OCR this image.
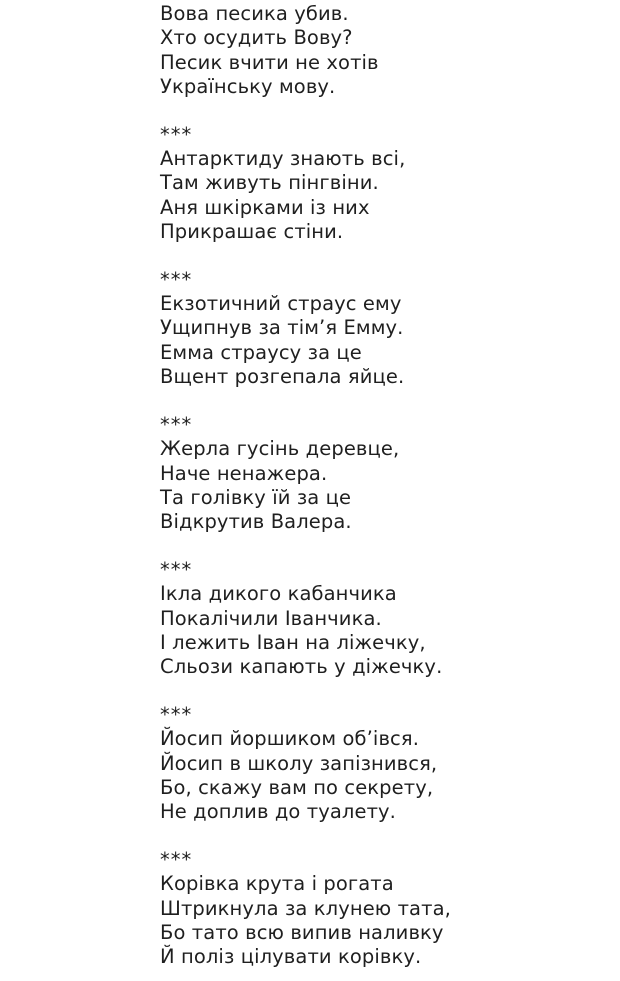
Вова песика убив.
Хто осудить Вову?
Песик вчити не хотів
Українську мову.
***
Антарктиду знають всі,
Там живуть пінгвіни.
Аня шкірками із них
Прикрашає стіни.
***
Екзотичний страус ему
Ущипнув за тім’я Емму.
Емма страусу за це
Вщент розгепала яйце.
***
Жерла гусінь деревце,
Наче ненажера.
Та голівку їй за це
Відкрутив Валера.
***
Ікла дикого кабанчика
Покалічили Іванчика.
І лежить Іван на ліжечку,
Сльози капають у діжечку.
***
Йосип йоршиком об’івся.
Йосип в школу запізнився,
Бо, скажу вам по секрету,
Не доплив до туалету.
***
Корівка крута і рогата
Штрикнула за клунею тата,
Бо тато всю випив наливку
Й поліз цілувати корівку.
